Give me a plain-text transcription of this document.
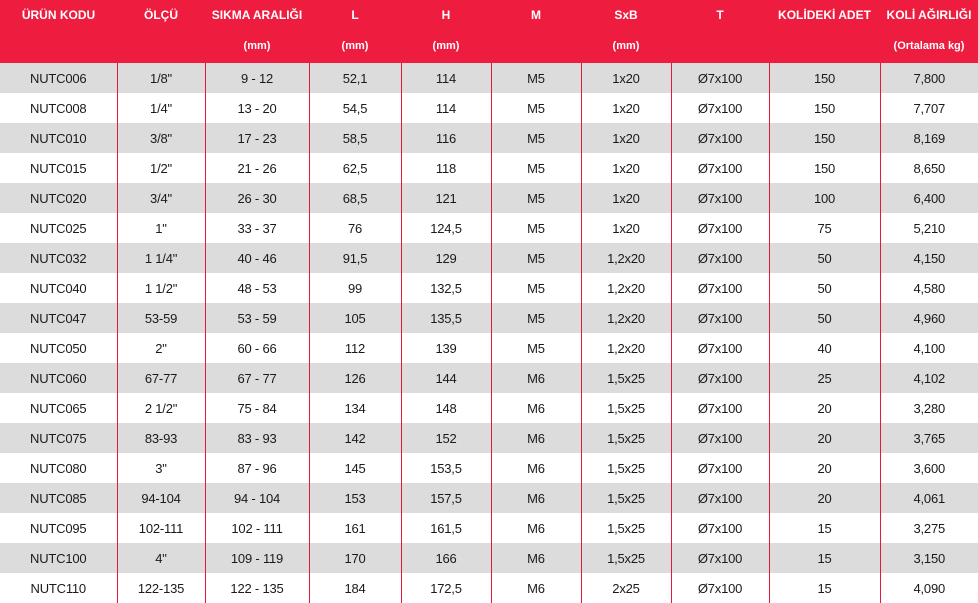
ÜRÜN KODU	ÖLÇÜ	SIKMA ARALIĞI	L	H	M	SxB	T	KOLİDEKİ ADET	KOLİ AĞIRLIĞI
		(mm)	(mm)	(mm)		(mm)			(Ortalama kg)
NUTC006	1/8"	9 - 12	52,1	114	M5	1x20	Ø7x100	150	7,800
NUTC008	1/4"	13 - 20	54,5	114	M5	1x20	Ø7x100	150	7,707
NUTC010	3/8"	17 - 23	58,5	116	M5	1x20	Ø7x100	150	8,169
NUTC015	1/2"	21 - 26	62,5	118	M5	1x20	Ø7x100	150	8,650
NUTC020	3/4"	26 - 30	68,5	121	M5	1x20	Ø7x100	100	6,400
NUTC025	1"	33 - 37	76	124,5	M5	1x20	Ø7x100	75	5,210
NUTC032	1 1/4"	40 - 46	91,5	129	M5	1,2x20	Ø7x100	50	4,150
NUTC040	1 1/2"	48 - 53	99	132,5	M5	1,2x20	Ø7x100	50	4,580
NUTC047	53-59	53 - 59	105	135,5	M5	1,2x20	Ø7x100	50	4,960
NUTC050	2"	60 - 66	112	139	M5	1,2x20	Ø7x100	40	4,100
NUTC060	67-77	67 - 77	126	144	M6	1,5x25	Ø7x100	25	4,102
NUTC065	2 1/2"	75 - 84	134	148	M6	1,5x25	Ø7x100	20	3,280
NUTC075	83-93	83 - 93	142	152	M6	1,5x25	Ø7x100	20	3,765
NUTC080	3"	87 - 96	145	153,5	M6	1,5x25	Ø7x100	20	3,600
NUTC085	94-104	94 - 104	153	157,5	M6	1,5x25	Ø7x100	20	4,061
NUTC095	102-111	102 - 111	161	161,5	M6	1,5x25	Ø7x100	15	3,275
NUTC100	4"	109 - 119	170	166	M6	1,5x25	Ø7x100	15	3,150
NUTC110	122-135	122 - 135	184	172,5	M6	2x25	Ø7x100	15	4,090
